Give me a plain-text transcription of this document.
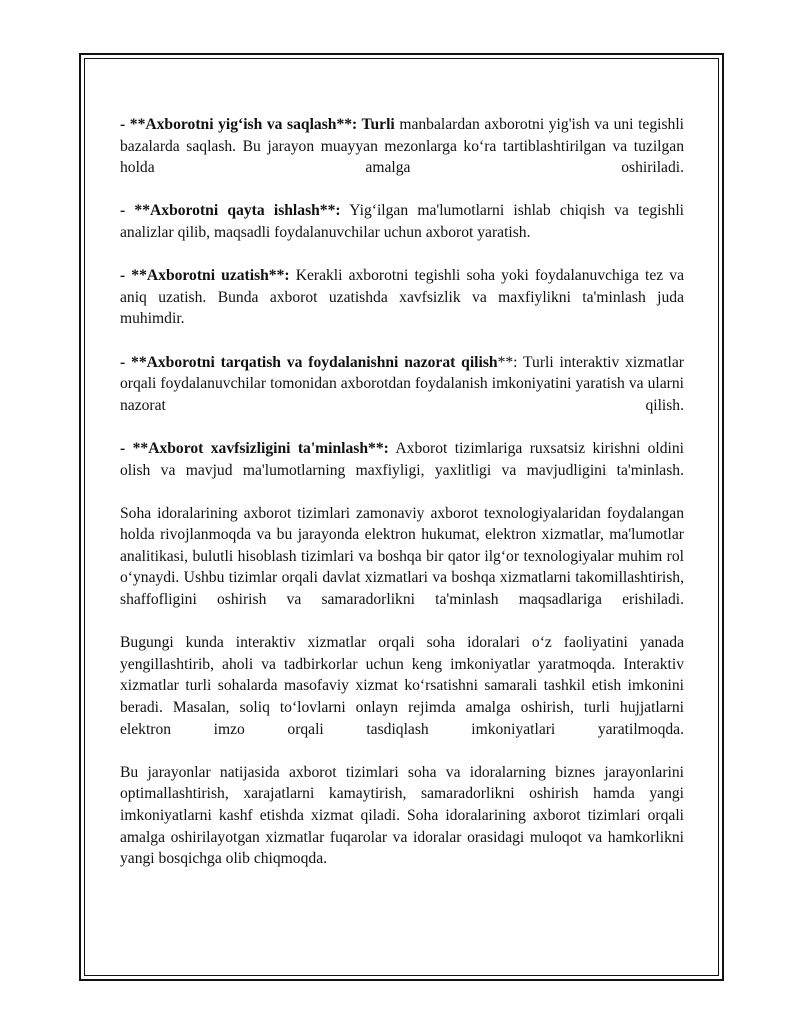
- **Axborotni yig‘ish va saqlash**: Turli manbalardan axborotni yig'ish va uni tegishli bazalarda saqlash. Bu jarayon muayyan mezonlarga ko‘ra tartiblashtirilgan va tuzilgan holda amalga oshiriladi.

- **Axborotni qayta ishlash**: Yig‘ilgan ma'lumotlarni ishlab chiqish va tegishli analizlar qilib, maqsadli foydalanuvchilar uchun axborot yaratish.

- **Axborotni uzatish**: Kerakli axborotni tegishli soha yoki foydalanuvchiga tez va aniq uzatish. Bunda axborot uzatishda xavfsizlik va maxfiylikni ta'minlash juda muhimdir.

- **Axborotni tarqatish va foydalanishni nazorat qilish**: Turli interaktiv xizmatlar orqali foydalanuvchilar tomonidan axborotdan foydalanish imkoniyatini yaratish va ularni nazorat qilish.

- **Axborot xavfsizligini ta'minlash**: Axborot tizimlariga ruxsatsiz kirishni oldini olish va mavjud ma'lumotlarning maxfiyligi, yaxlitligi va mavjudligini ta'minlash.

Soha idoralarining axborot tizimlari zamonaviy axborot texnologiyalaridan foydalangan holda rivojlanmoqda va bu jarayonda elektron hukumat, elektron xizmatlar, ma'lumotlar analitikasi, bulutli hisoblash tizimlari va boshqa bir qator ilg‘or texnologiyalar muhim rol o‘ynaydi. Ushbu tizimlar orqali davlat xizmatlari va boshqa xizmatlarni takomillashtirish, shaffofligini oshirish va samaradorlikni ta'minlash maqsadlariga erishiladi.

Bugungi kunda interaktiv xizmatlar orqali soha idoralari o‘z faoliyatini yanada yengillashtirib, aholi va tadbirkorlar uchun keng imkoniyatlar yaratmoqda. Interaktiv xizmatlar turli sohalarda masofaviy xizmat ko‘rsatishni samarali tashkil etish imkonini beradi. Masalan, soliq to‘lovlarni onlayn rejimda amalga oshirish, turli hujjatlarni elektron imzo orqali tasdiqlash imkoniyatlari yaratilmoqda.

Bu jarayonlar natijasida axborot tizimlari soha va idoralarning biznes jarayonlarini optimallashtirish, xarajatlarni kamaytirish, samaradorlikni oshirish hamda yangi imkoniyatlarni kashf etishda xizmat qiladi. Soha idoralarining axborot tizimlari orqali amalga oshirilayotgan xizmatlar fuqarolar va idoralar orasidagi muloqot va hamkorlikni yangi bosqichga olib chiqmoqda.
